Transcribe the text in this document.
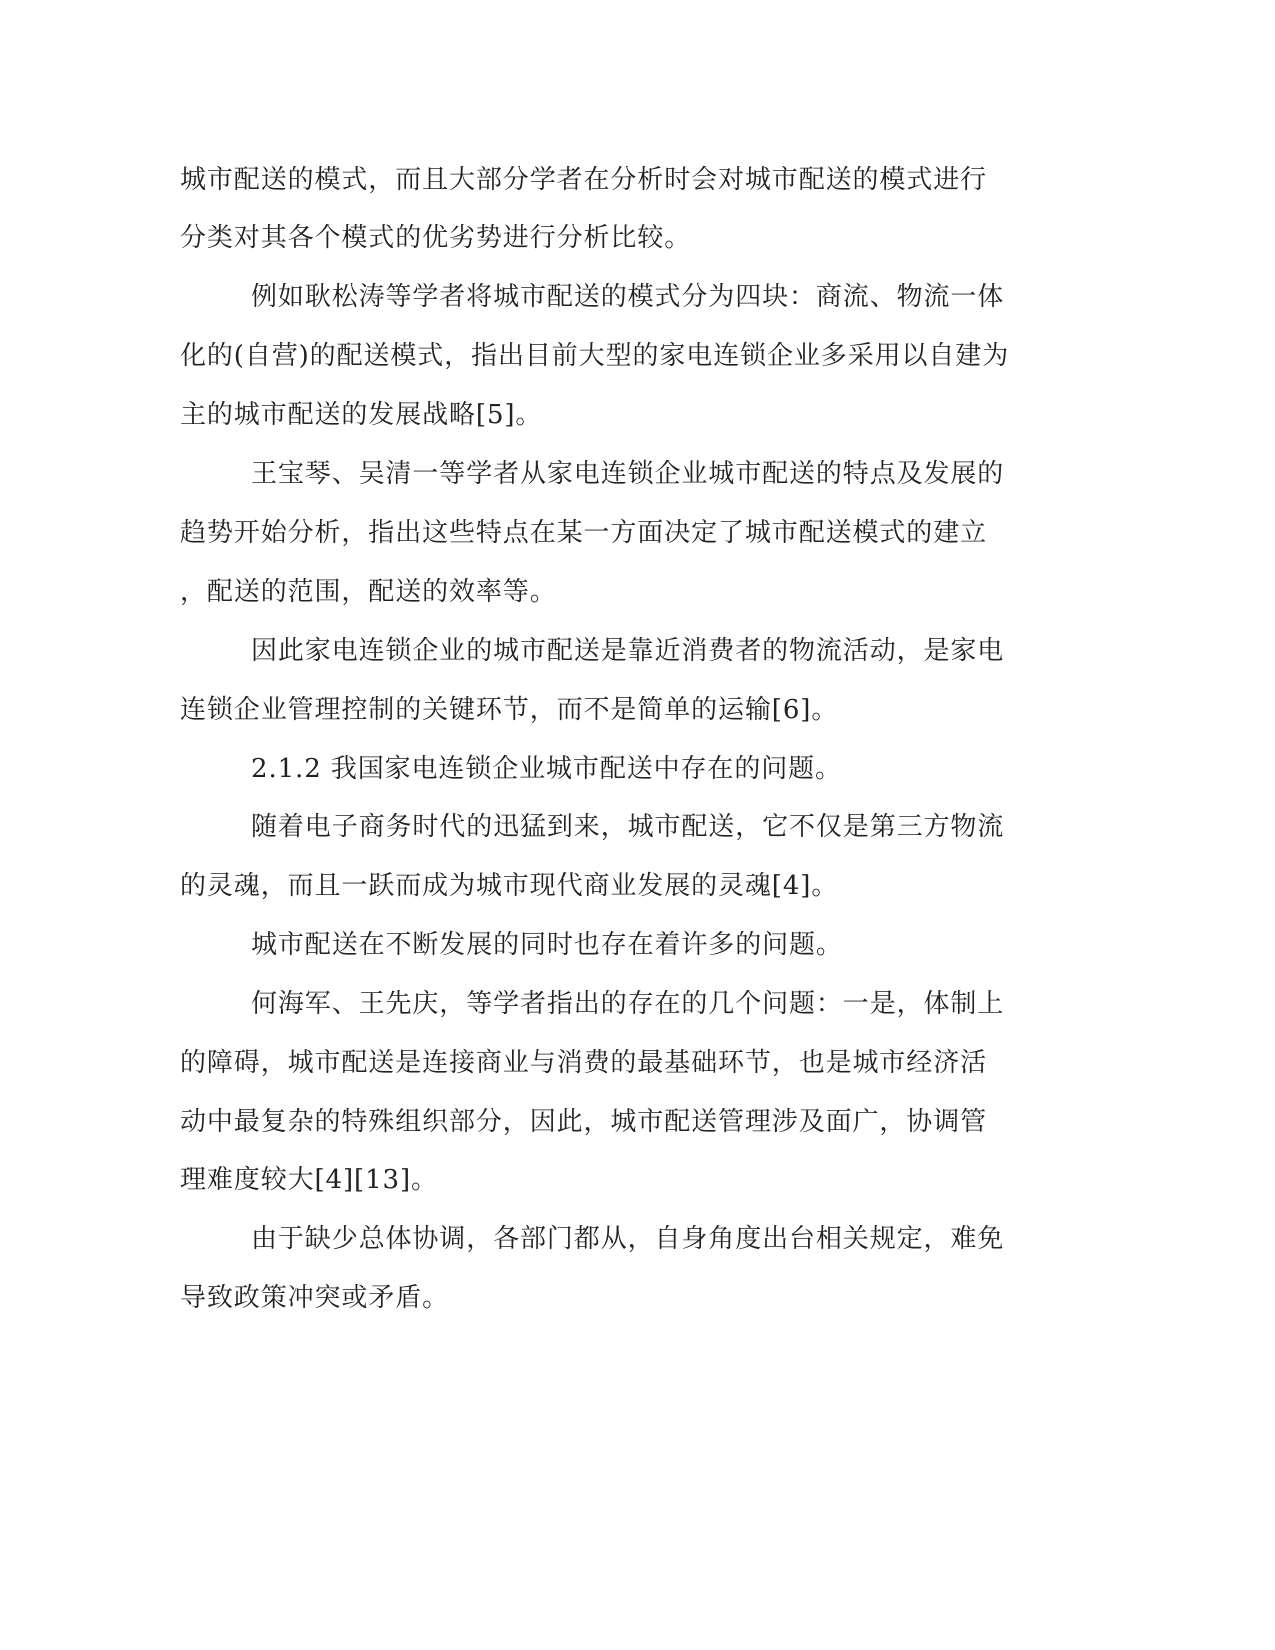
城市配送的模式，而且大部分学者在分析时会对城市配送的模式进行
分类对其各个模式的优劣势进行分析比较。
例如耿松涛等学者将城市配送的模式分为四块：商流、物流一体
化的(自营)的配送模式，指出目前大型的家电连锁企业多采用以自建为
主的城市配送的发展战略[5]。
王宝琴、吴清一等学者从家电连锁企业城市配送的特点及发展的
趋势开始分析，指出这些特点在某一方面决定了城市配送模式的建立
，配送的范围，配送的效率等。
因此家电连锁企业的城市配送是靠近消费者的物流活动，是家电
连锁企业管理控制的关键环节，而不是简单的运输[6]。
2.1.2 我国家电连锁企业城市配送中存在的问题。
随着电子商务时代的迅猛到来，城市配送，它不仅是第三方物流
的灵魂，而且一跃而成为城市现代商业发展的灵魂[4]。
城市配送在不断发展的同时也存在着许多的问题。
何海军、王先庆，等学者指出的存在的几个问题：一是，体制上
的障碍，城市配送是连接商业与消费的最基础环节，也是城市经济活
动中最复杂的特殊组织部分，因此，城市配送管理涉及面广，协调管
理难度较大[4][13]。
由于缺少总体协调，各部门都从，自身角度出台相关规定，难免
导致政策冲突或矛盾。
